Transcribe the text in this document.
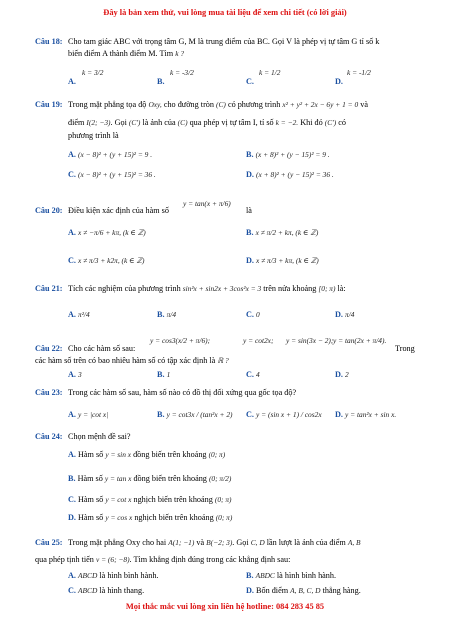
Đây là bản xem thử, vui lòng mua tài liệu để xem chi tiết (có lời giải)
Câu 18: Cho tam giác ABC với trọng tâm G, M là trung điểm của BC. Gọi V là phép vị tự tâm G tỉ số k
biến điểm A thành điểm M. Tìm k ?
A.
k = 3/2
B.
k = -3/2
C.
k = 1/2
D.
k = -1/2
Câu 19: Trong mặt phẳng tọa độ Oxy, cho đường tròn (C) có phương trình x² + y² + 2x − 6y + 1 = 0 và
điểm I(2; −3). Gọi (C′) là ảnh của (C) qua phép vị tự tâm I, tỉ số k = −2. Khi đó (C′) có
phương trình là
A. (x − 8)² + (y + 15)² = 9 .	B. (x + 8)² + (y − 15)² = 9 .
C. (x − 8)² + (y + 15)² = 36 .	D. (x + 8)² + (y − 15)² = 36 .
Câu 20: Điều kiện xác định của hàm số
y = tan(x + π/6)
là
A. x ≠ −π/6 + kπ, (k ∈ ℤ)	B. x ≠ π/2 + kπ, (k ∈ ℤ)
C. x ≠ π/3 + k2π, (k ∈ ℤ)	D. x ≠ π/3 + kπ, (k ∈ ℤ)
Câu 21: Tích các nghiệm của phương trình sin²x + sin2x + 3cos²x = 3 trên nửa khoảng [0; π) là:
A. π²/4	B. π/4	C. 0	D. π/4
Câu 22: Cho các hàm số sau:
y = cos3(x/2 + π/6);	y = cot2x; y = sin(3x − 2); y = tan(2x + π/4).
Trong
các hàm số trên có bao nhiêu hàm số có tập xác định là ℝ ?
A. 3	B. 1	C. 4	D. 2
Câu 23: Trong các hàm số sau, hàm số nào có đồ thị đối xứng qua gốc tọa độ?
A. y = |cot x|	B. y = cot3x / (tan²x + 2) C. y = (sin x + 1) / cos2x D. y = tan²x + sin x.
Câu 24: Chọn mệnh đề sai?
A. Hàm số y = sin x đồng biến trên khoảng (0; π)
B. Hàm số y = tan x đồng biến trên khoảng (0; π/2)
C. Hàm số y = cot x nghịch biến trên khoảng (0; π)
D. Hàm số y = cos x nghịch biến trên khoảng (0; π)
Câu 25: Trong mặt phẳng Oxy cho hai A(1; −1) và B(−2; 3). Gọi C, D lần lượt là ảnh của điểm A, B
qua phép tịnh tiến v = (6; −8). Tìm khẳng định đúng trong các khẳng định sau:
A. ABCD là hình bình hành.	B. ABDC là hình bình hành.
C. ABCD là hình thang.	D. Bốn điểm A, B, C, D thẳng hàng.
Mọi thắc mắc vui lòng xin liên hệ hotline: 084 283 45 85
